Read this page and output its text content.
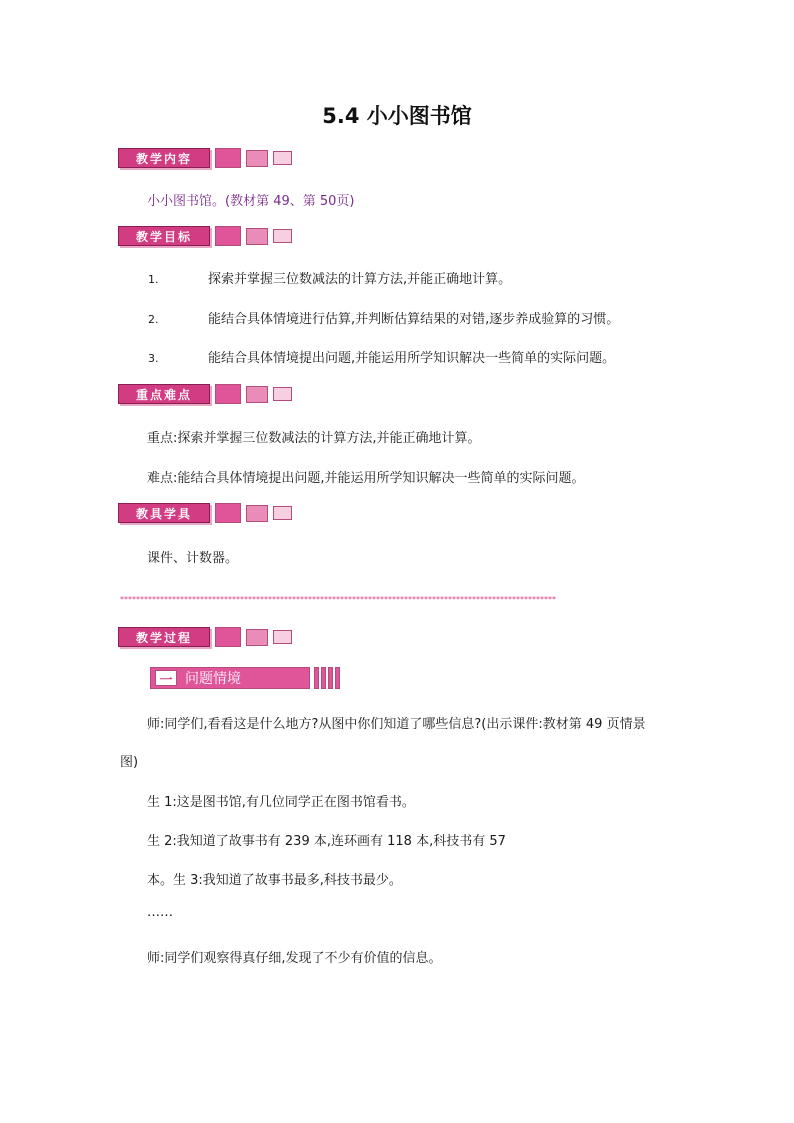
5.4 小小图书馆
教学内容
小小图书馆。(教材第 49、第 50页)
教学目标
1.	探索并掌握三位数减法的计算方法,并能正确地计算。
2.	能结合具体情境进行估算,并判断估算结果的对错,逐步养成验算的习惯。
3.	能结合具体情境提出问题,并能运用所学知识解决一些简单的实际问题。
重点难点
重点:探索并掌握三位数减法的计算方法,并能正确地计算。
难点:能结合具体情境提出问题,并能运用所学知识解决一些简单的实际问题。
教具学具
课件、计数器。
*************************************************************************************************************
教学过程
一 问题情境
师:同学们,看看这是什么地方?从图中你们知道了哪些信息?(出示课件:教材第 49 页情景
图)
生 1:这是图书馆,有几位同学正在图书馆看书。
生 2:我知道了故事书有 239 本,连环画有 118 本,科技书有 57
本。生 3:我知道了故事书最多,科技书最少。
……
师:同学们观察得真仔细,发现了不少有价值的信息。
